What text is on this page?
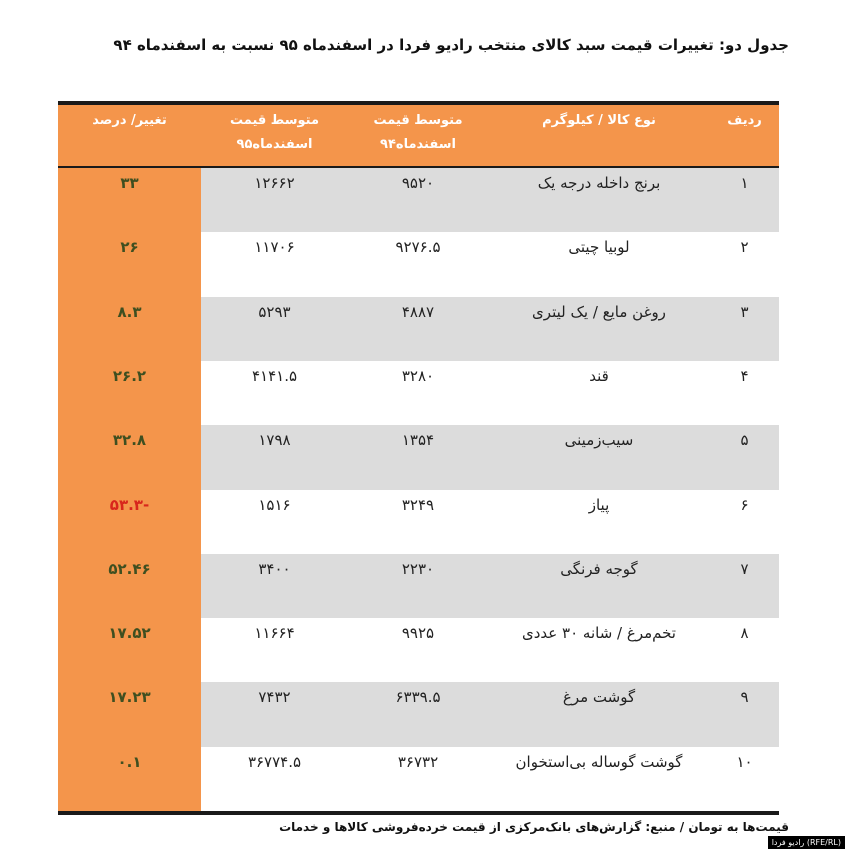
جدول دو: تغییرات قیمت سبد کالای منتخب رادیو فردا در اسفندماه ۹۵ نسبت به اسفندماه ۹۴
ردیف
نوع کالا / کیلوگرم
متوسط قیمت
اسفندماه۹۴
متوسط قیمت
اسفندماه۹۵
تغییر/ درصد
۱
برنج داخله درجه یک
۹۵۲۰
۱۲۶۶۲
۳۳
۲
لوبیا چیتی
۹۲۷۶.۵
۱۱۷۰۶
۲۶
۳
روغن مایع / یک لیتری
۴۸۸۷
۵۲۹۳
۸.۳
۴
قند
۳۲۸۰
۴۱۴۱.۵
۲۶.۲
۵
سیب‌زمینی
۱۳۵۴
۱۷۹۸
۳۲.۸
۶
پیاز
۳۲۴۹
۱۵۱۶
-۵۳.۳
۷
گوجه فرنگی
۲۲۳۰
۳۴۰۰
۵۲.۴۶
۸
تخم‌مرغ / شانه ۳۰ عددی
۹۹۲۵
۱۱۶۶۴
۱۷.۵۲
۹
گوشت مرغ
۶۳۳۹.۵
۷۴۳۲
۱۷.۲۳
۱۰
گوشت گوساله بی‌استخوان
۳۶۷۳۲
۳۶۷۷۴.۵
۰.۱
قیمت‌ها به تومان / منبع: گزارش‌های بانک‌مرکزی از قیمت خرده‌فروشی کالاها و خدمات
رادیو فردا (RFE/RL)
